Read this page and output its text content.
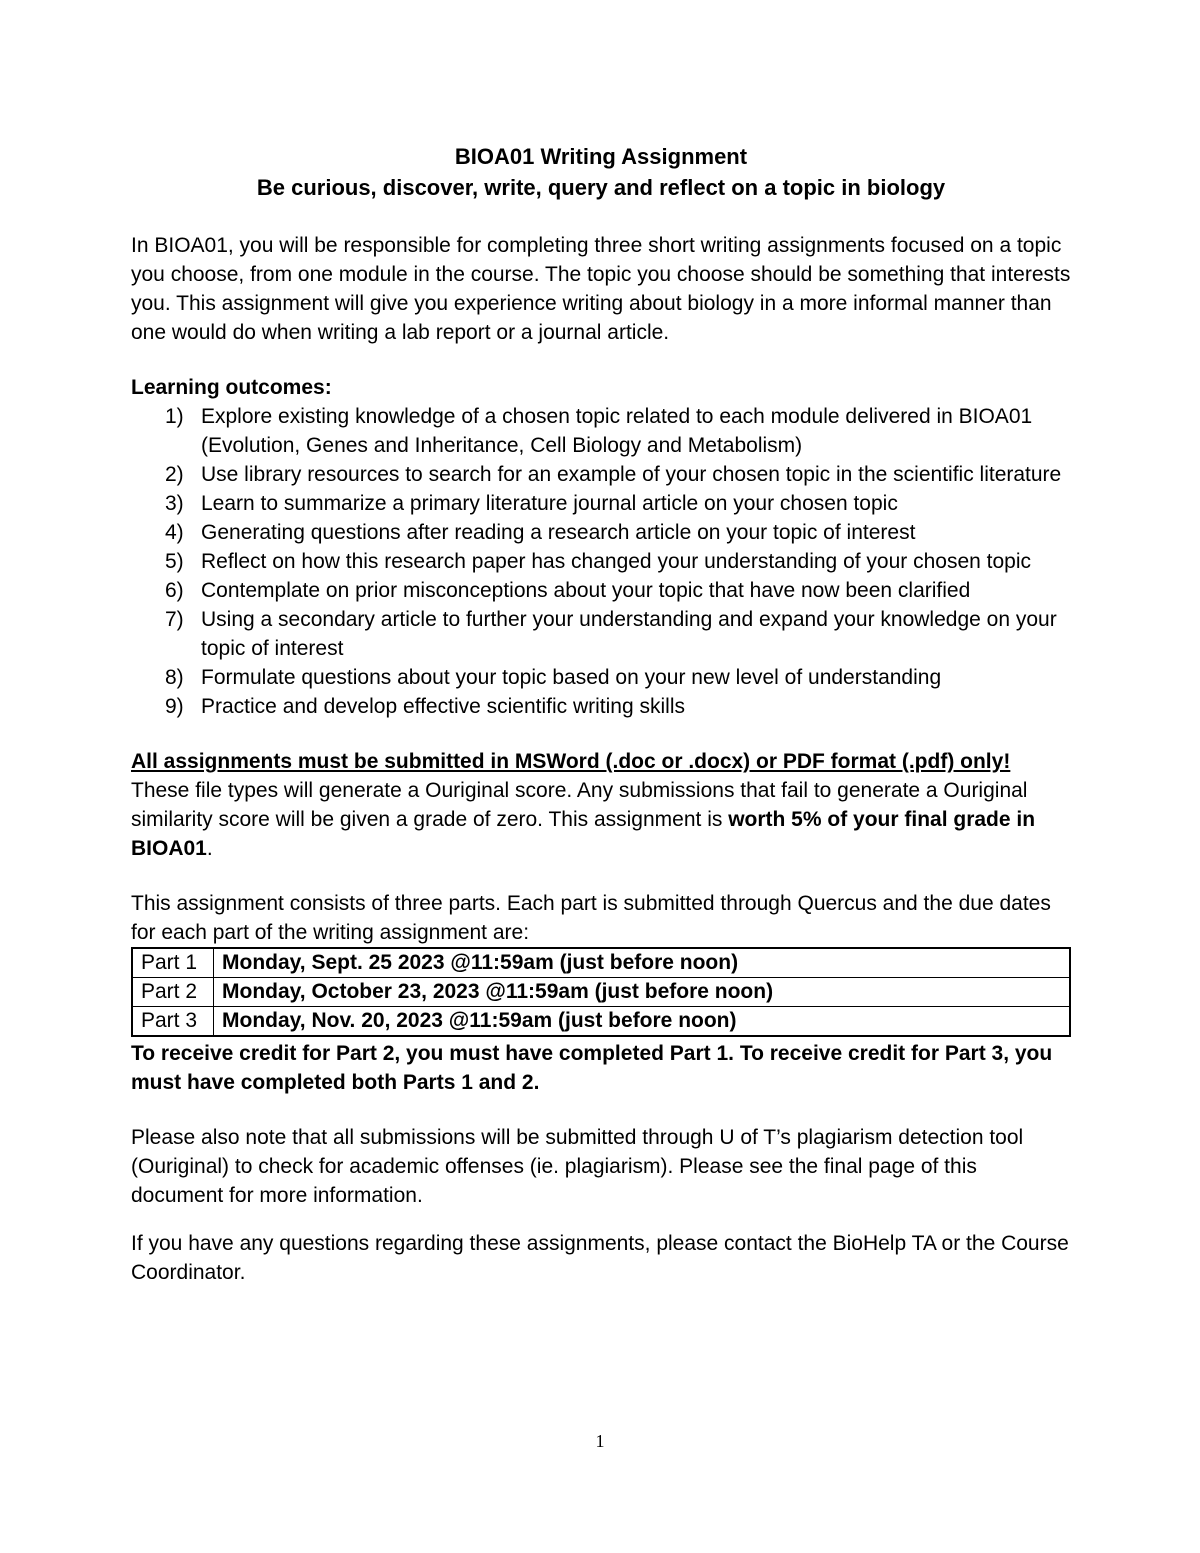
BIOA01 Writing Assignment
Be curious, discover, write, query and reflect on a topic in biology

In BIOA01, you will be responsible for completing three short writing assignments focused on a topic you choose, from one module in the course. The topic you choose should be something that interests you. This assignment will give you experience writing about biology in a more informal manner than one would do when writing a lab report or a journal article.

Learning outcomes:
1) Explore existing knowledge of a chosen topic related to each module delivered in BIOA01 (Evolution, Genes and Inheritance, Cell Biology and Metabolism)
2) Use library resources to search for an example of your chosen topic in the scientific literature
3) Learn to summarize a primary literature journal article on your chosen topic
4) Generating questions after reading a research article on your topic of interest
5) Reflect on how this research paper has changed your understanding of your chosen topic
6) Contemplate on prior misconceptions about your topic that have now been clarified
7) Using a secondary article to further your understanding and expand your knowledge on your topic of interest
8) Formulate questions about your topic based on your new level of understanding
9) Practice and develop effective scientific writing skills

All assignments must be submitted in MSWord (.doc or .docx) or PDF format (.pdf) only! These file types will generate a Ouriginal score. Any submissions that fail to generate a Ouriginal similarity score will be given a grade of zero. This assignment is worth 5% of your final grade in BIOA01.

This assignment consists of three parts. Each part is submitted through Quercus and the due dates for each part of the writing assignment are:

Part 1	Monday, Sept. 25 2023 @11:59am (just before noon)
Part 2	Monday, October 23, 2023 @11:59am (just before noon)
Part 3	Monday, Nov. 20, 2023 @11:59am (just before noon)

To receive credit for Part 2, you must have completed Part 1. To receive credit for Part 3, you must have completed both Parts 1 and 2.

Please also note that all submissions will be submitted through U of T’s plagiarism detection tool (Ouriginal) to check for academic offenses (ie. plagiarism). Please see the final page of this document for more information.

If you have any questions regarding these assignments, please contact the BioHelp TA or the Course Coordinator.

1
